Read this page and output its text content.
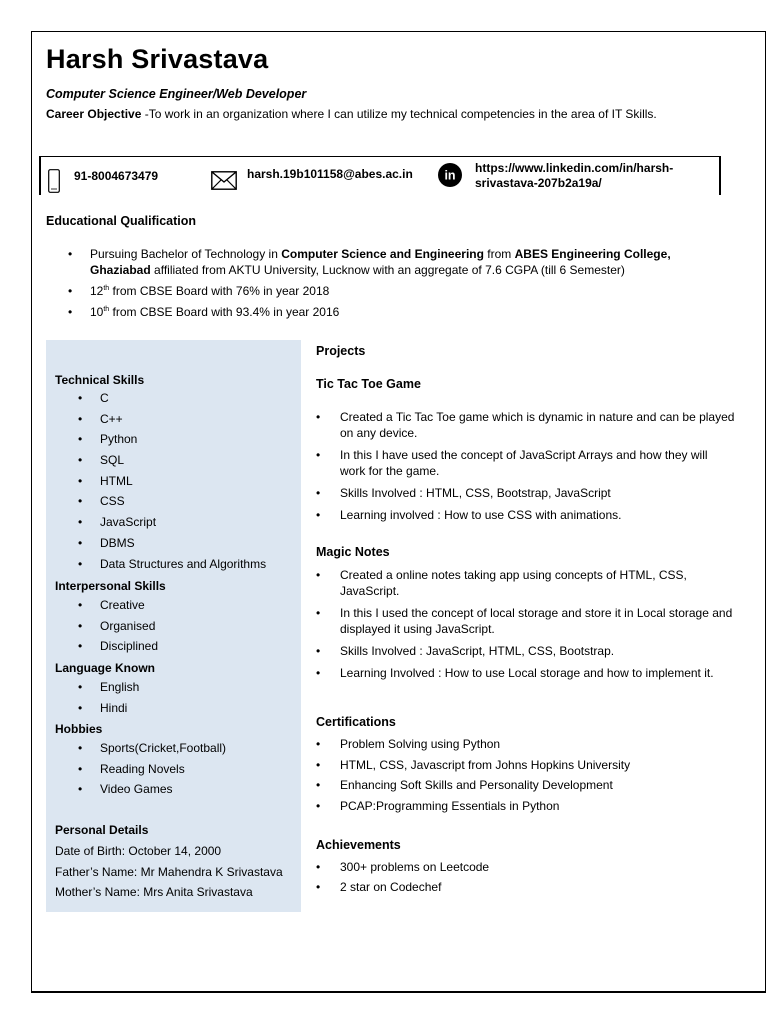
Harsh Srivastava
Computer Science Engineer/Web Developer
Career Objective -To work in an organization where I can utilize my technical competencies in the area of IT Skills.
91-8004673479	harsh.19b101158@abes.ac.in	in
https://www.linkedin.com/in/harsh-
srivastava-207b2a19a/
Educational Qualification
• Pursuing Bachelor of Technology in Computer Science and Engineering from ABES Engineering College, Ghaziabad affiliated from AKTU University, Lucknow with an aggregate of 7.6 CGPA (till 6 Semester)
• 12th from CBSE Board with 76% in year 2018
• 10th from CBSE Board with 93.4% in year 2016
Technical Skills
• C
• C++
• Python
• SQL
• HTML
• CSS
• JavaScript
• DBMS
• Data Structures and Algorithms
Interpersonal Skills
• Creative
• Organised
• Disciplined
Language Known
• English
• Hindi
Hobbies
• Sports(Cricket,Football)
• Reading Novels
• Video Games
Personal Details
Date of Birth: October 14, 2000
Father’s Name: Mr Mahendra K Srivastava
Mother’s Name: Mrs Anita Srivastava
Projects
Tic Tac Toe Game
• Created a Tic Tac Toe game which is dynamic in nature and can be played on any device.
• In this I have used the concept of JavaScript Arrays and how they will work for the game.
• Skills Involved : HTML, CSS, Bootstrap, JavaScript
• Learning involved : How to use CSS with animations.
Magic Notes
• Created a online notes taking app using concepts of HTML, CSS, JavaScript.
• In this I used the concept of local storage and store it in Local storage and displayed it using JavaScript.
• Skills Involved : JavaScript, HTML, CSS, Bootstrap.
• Learning Involved : How to use Local storage and how to implement it.
Certifications
• Problem Solving using Python
• HTML, CSS, Javascript from Johns Hopkins University
• Enhancing Soft Skills and Personality Development
• PCAP:Programming Essentials in Python
Achievements
• 300+ problems on Leetcode
• 2 star on Codechef
